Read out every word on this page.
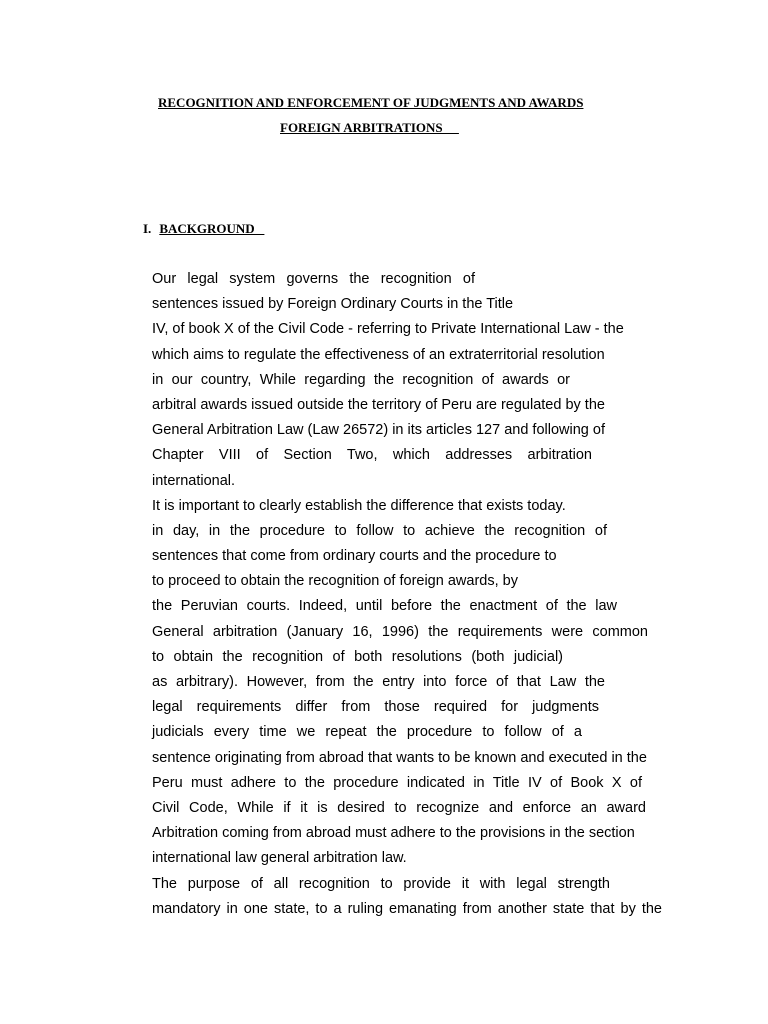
RECOGNITION AND ENFORCEMENT OF JUDGMENTS AND AWARDS
FOREIGN ARBITRATIONS
I. BACKGROUND
Our legal system governs the recognition of
sentences issued by Foreign Ordinary Courts in the Title
IV, of book X of the Civil Code - referring to Private International Law - the
which aims to regulate the effectiveness of an extraterritorial resolution
in our country, While regarding the recognition of awards or
arbitral awards issued outside the territory of Peru are regulated by the
General Arbitration Law (Law 26572) in its articles 127 and following of
Chapter VIII of Section Two, which addresses arbitration
international.
It is important to clearly establish the difference that exists today.
in day, in the procedure to follow to achieve the recognition of
sentences that come from ordinary courts and the procedure to
to proceed to obtain the recognition of foreign awards, by
the Peruvian courts. Indeed, until before the enactment of the law
General arbitration (January 16, 1996) the requirements were common
to obtain the recognition of both resolutions (both judicial)
as arbitrary). However, from the entry into force of that Law the
legal requirements differ from those required for judgments
judicials every time we repeat the procedure to follow of a
sentence originating from abroad that wants to be known and executed in the
Peru must adhere to the procedure indicated in Title IV of Book X of
Civil Code, While if it is desired to recognize and enforce an award
Arbitration coming from abroad must adhere to the provisions in the section
international law general arbitration law.
The purpose of all recognition to provide it with legal strength
mandatory in one state, to a ruling emanating from another state that by the
